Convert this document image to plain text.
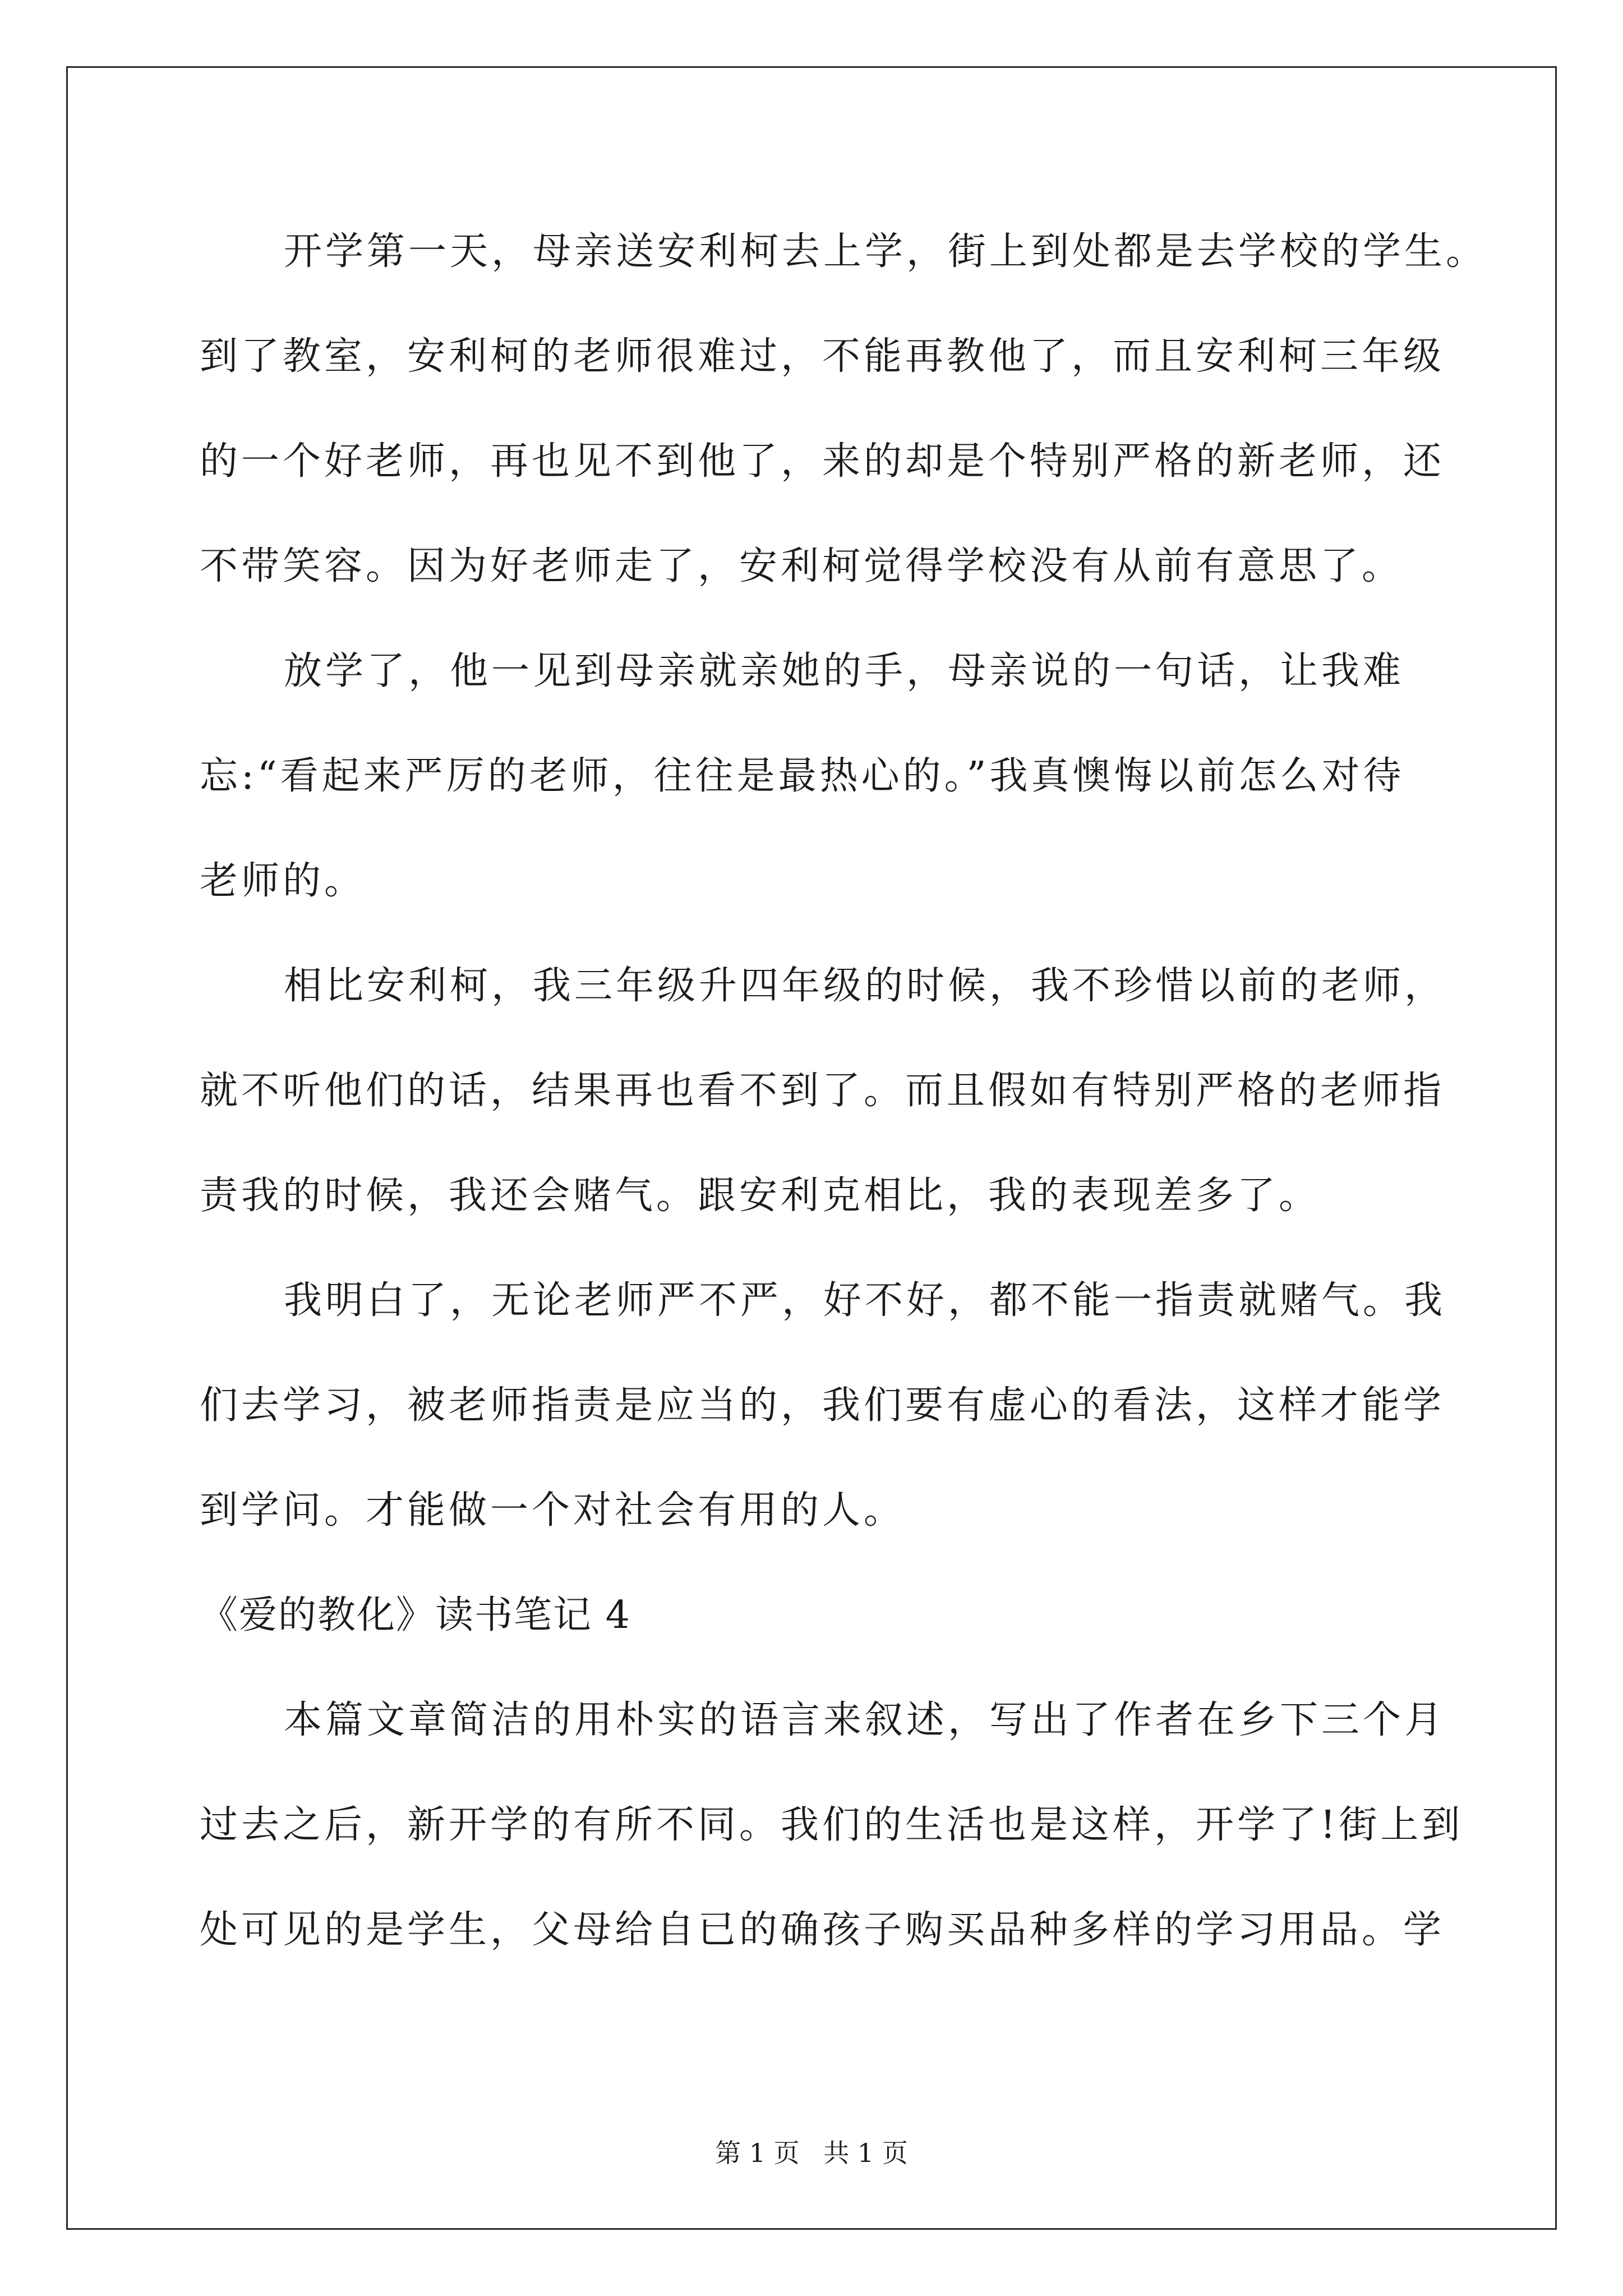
开学第一天，母亲送安利柯去上学，街上到处都是去学校的学生。
到了教室，安利柯的老师很难过，不能再教他了，而且安利柯三年级
的一个好老师，再也见不到他了，来的却是个特别严格的新老师，还
不带笑容。因为好老师走了，安利柯觉得学校没有从前有意思了。
放学了，他一见到母亲就亲她的手，母亲说的一句话，让我难
忘:“看起来严厉的老师，往往是最热心的。”我真懊悔以前怎么对待
老师的。
相比安利柯，我三年级升四年级的时候，我不珍惜以前的老师，
就不听他们的话，结果再也看不到了。而且假如有特别严格的老师指
责我的时候，我还会赌气。跟安利克相比，我的表现差多了。
我明白了，无论老师严不严，好不好，都不能一指责就赌气。我
们去学习，被老师指责是应当的，我们要有虚心的看法，这样才能学
到学问。才能做一个对社会有用的人。
《爱的教化》读书笔记 4
本篇文章简洁的用朴实的语言来叙述，写出了作者在乡下三个月
过去之后，新开学的有所不同。我们的生活也是这样，开学了!街上到
处可见的是学生，父母给自已的确孩子购买品种多样的学习用品。学
第 1 页 共 1 页
